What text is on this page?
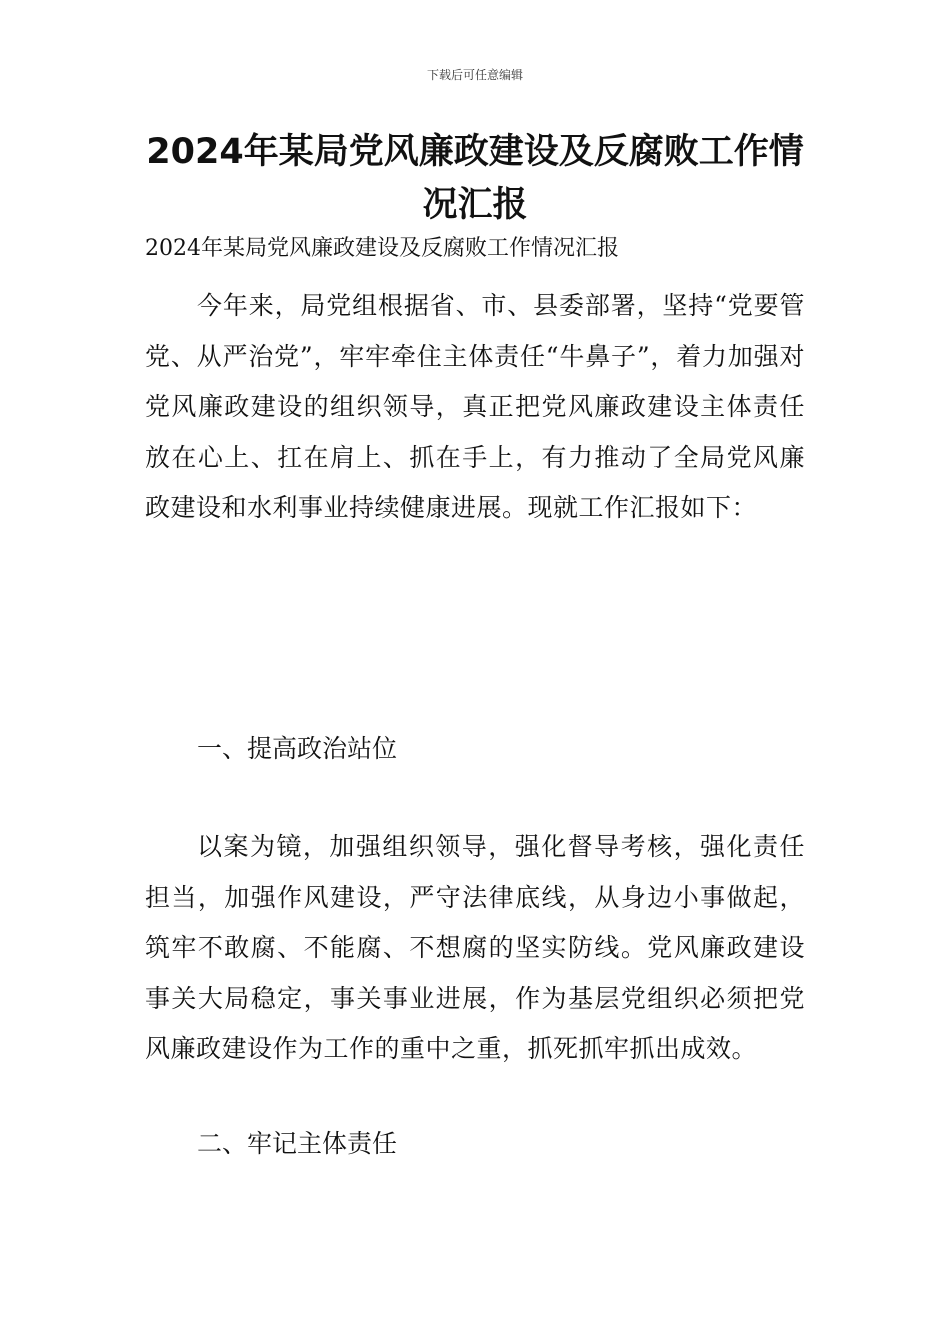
下载后可任意编辑
2024年某局党风廉政建设及反腐败工作情况汇报

2024年某局党风廉政建设及反腐败工作情况汇报

今年来，局党组根据省、市、县委部署，坚持“党要管党、从严治党”，牢牢牵住主体责任“牛鼻子”，着力加强对党风廉政建设的组织领导，真正把党风廉政建设主体责任放在心上、扛在肩上、抓在手上，有力推动了全局党风廉政建设和水利事业持续健康进展。现就工作汇报如下：

一、提高政治站位

以案为镜，加强组织领导，强化督导考核，强化责任担当，加强作风建设，严守法律底线，从身边小事做起，筑牢不敢腐、不能腐、不想腐的坚实防线。党风廉政建设事关大局稳定，事关事业进展，作为基层党组织必须把党风廉政建设作为工作的重中之重，抓死抓牢抓出成效。

二、牢记主体责任
